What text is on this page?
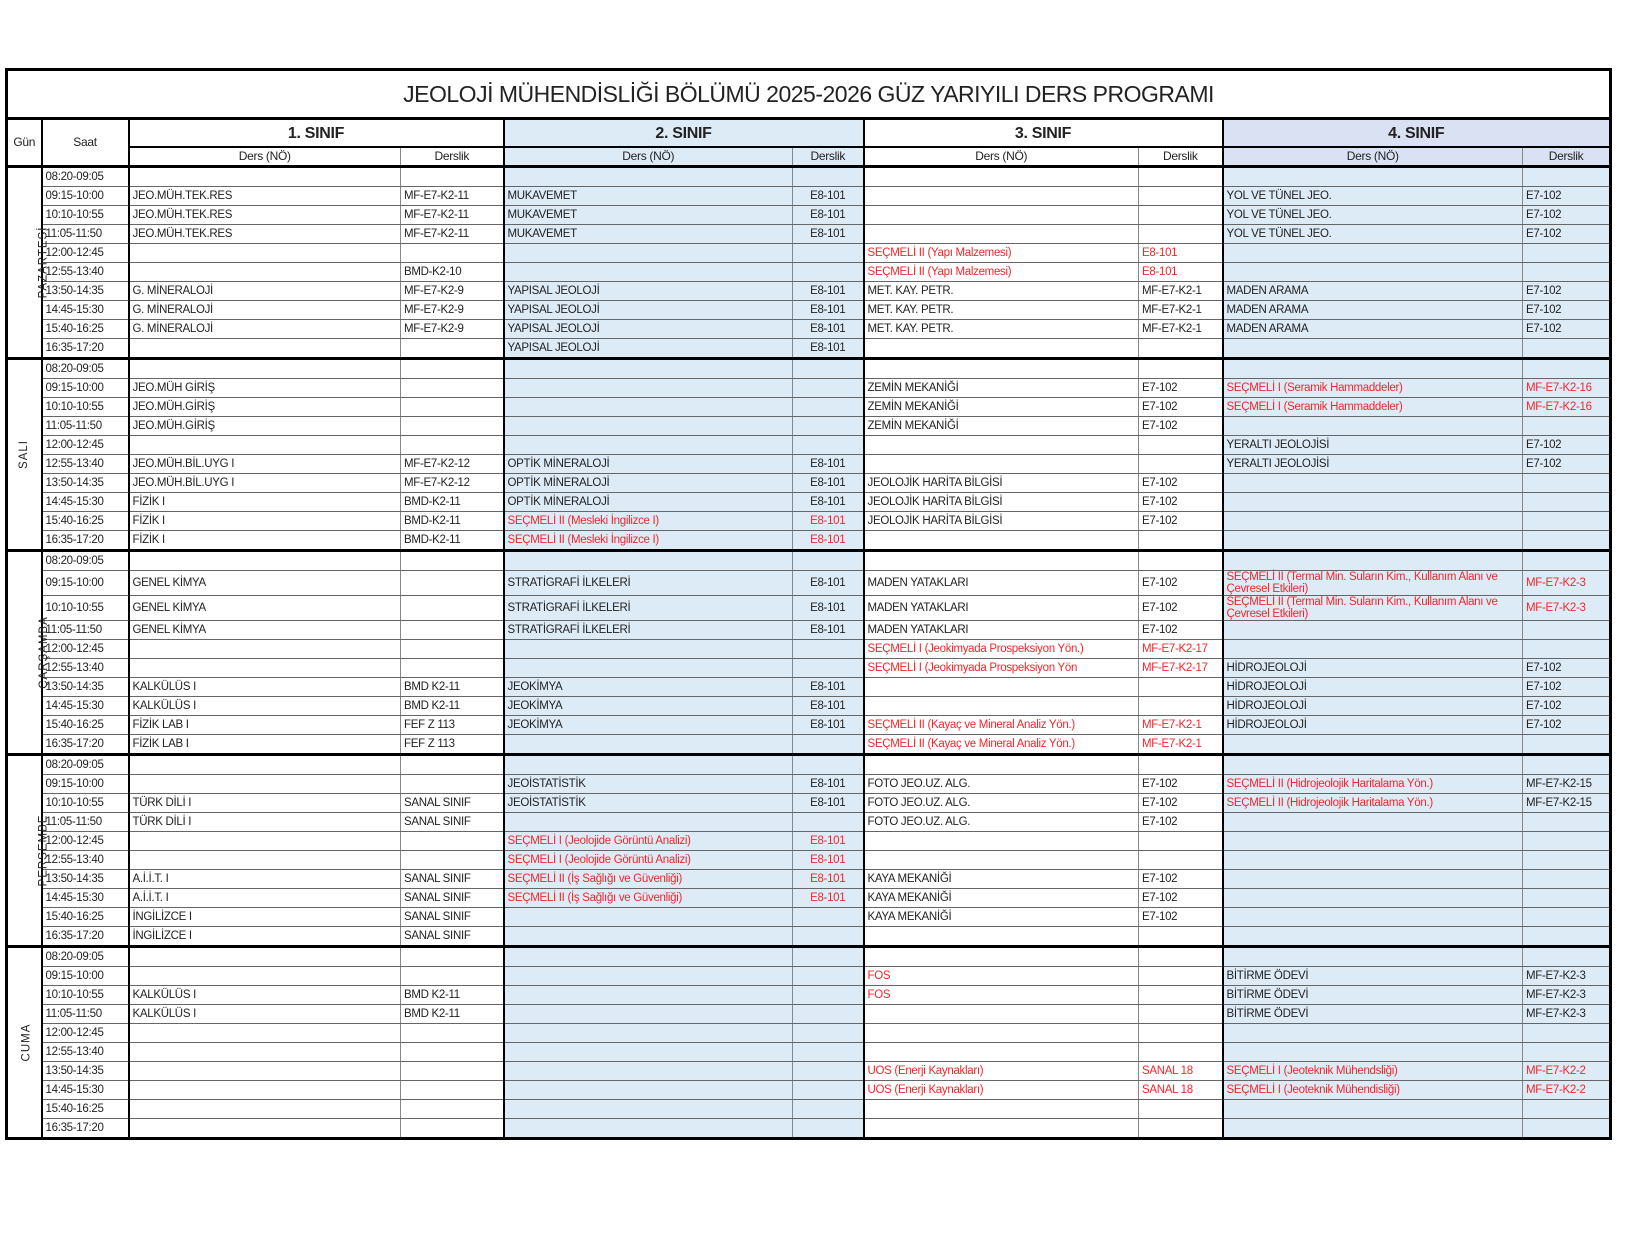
JEOLOJİ MÜHENDİSLİĞİ BÖLÜMÜ 2025-2026 GÜZ YARIYILI DERS PROGRAMI									
Gün	Saat	1. SINIF		2. SINIF		3. SINIF		4. SINIF	
		Ders (NÖ)	Derslik	Ders (NÖ)	Derslik	Ders (NÖ)	Derslik	Ders (NÖ)	Derslik
PAZARTESİ	08:20-09:05								
	09:15-10:00	JEO.MÜH.TEK.RES	MF-E7-K2-11	MUKAVEMET	E8-101			YOL VE TÜNEL JEO.	E7-102
	10:10-10:55	JEO.MÜH.TEK.RES	MF-E7-K2-11	MUKAVEMET	E8-101			YOL VE TÜNEL JEO.	E7-102
	11:05-11:50	JEO.MÜH.TEK.RES	MF-E7-K2-11	MUKAVEMET	E8-101			YOL VE TÜNEL JEO.	E7-102
	12:00-12:45					SEÇMELİ II (Yapı Malzemesi)	E8-101		
	12:55-13:40		BMD-K2-10			SEÇMELİ II (Yapı Malzemesi)	E8-101		
	13:50-14:35	G. MİNERALOJİ	MF-E7-K2-9	YAPISAL JEOLOJİ	E8-101	MET. KAY. PETR.	MF-E7-K2-1	MADEN ARAMA	E7-102
	14:45-15:30	G. MİNERALOJİ	MF-E7-K2-9	YAPISAL JEOLOJİ	E8-101	MET. KAY. PETR.	MF-E7-K2-1	MADEN ARAMA	E7-102
	15:40-16:25	G. MİNERALOJİ	MF-E7-K2-9	YAPISAL JEOLOJİ	E8-101	MET. KAY. PETR.	MF-E7-K2-1	MADEN ARAMA	E7-102
	16:35-17:20			YAPISAL JEOLOJİ	E8-101				
SALI	08:20-09:05								
	09:15-10:00	JEO.MÜH GİRİŞ				ZEMİN MEKANİĞİ	E7-102	SEÇMELİ I (Seramik Hammaddeler)	MF-E7-K2-16
	10:10-10:55	JEO.MÜH.GİRİŞ				ZEMİN MEKANİĞİ	E7-102	SEÇMELİ I (Seramik Hammaddeler)	MF-E7-K2-16
	11:05-11:50	JEO.MÜH.GİRİŞ				ZEMİN MEKANİĞİ	E7-102		
	12:00-12:45							YERALTI JEOLOJİSİ	E7-102
	12:55-13:40	JEO.MÜH.BİL.UYG I	MF-E7-K2-12	OPTİK MİNERALOJİ	E8-101			YERALTI JEOLOJİSİ	E7-102
	13:50-14:35	JEO.MÜH.BİL.UYG I	MF-E7-K2-12	OPTİK MİNERALOJİ	E8-101	JEOLOJİK HARİTA BİLGİSİ	E7-102		
	14:45-15:30	FİZİK I	BMD-K2-11	OPTİK MİNERALOJİ	E8-101	JEOLOJİK HARİTA BİLGİSİ	E7-102		
	15:40-16:25	FİZİK I	BMD-K2-11	SEÇMELİ II (Mesleki İngilizce I)	E8-101	JEOLOJİK HARİTA BİLGİSİ	E7-102		
	16:35-17:20	FİZİK I	BMD-K2-11	SEÇMELİ II (Mesleki İngilizce I)	E8-101				
ÇARŞAMBA	08:20-09:05								
	09:15-10:00	GENEL KİMYA		STRATİGRAFİ İLKELERİ	E8-101	MADEN YATAKLARI	E7-102	SEÇMELİ II (Termal Min. Suların Kim., Kullanım Alanı ve Çevresel Etkileri)	MF-E7-K2-3
	10:10-10:55	GENEL KİMYA		STRATİGRAFİ İLKELERİ	E8-101	MADEN YATAKLARI	E7-102	SEÇMELİ II (Termal Min. Suların Kim., Kullanım Alanı ve Çevresel Etkileri)	MF-E7-K2-3
	11:05-11:50	GENEL KİMYA		STRATİGRAFİ İLKELERİ	E8-101	MADEN YATAKLARI	E7-102		
	12:00-12:45					SEÇMELİ I (Jeokimyada Prospeksiyon Yön.)	MF-E7-K2-17		
	12:55-13:40					SEÇMELİ I (Jeokimyada Prospeksiyon Yön	MF-E7-K2-17	HİDROJEOLOJİ	E7-102
	13:50-14:35	KALKÜLÜS I	BMD K2-11	JEOKİMYA	E8-101			HİDROJEOLOJİ	E7-102
	14:45-15:30	KALKÜLÜS I	BMD K2-11	JEOKİMYA	E8-101			HİDROJEOLOJİ	E7-102
	15:40-16:25	FİZİK LAB I	FEF Z 113	JEOKİMYA	E8-101	SEÇMELİ II (Kayaç ve Mineral Analiz Yön.)	MF-E7-K2-1	HİDROJEOLOJİ	E7-102
	16:35-17:20	FİZİK LAB I	FEF Z 113			SEÇMELİ II (Kayaç ve Mineral Analiz Yön.)	MF-E7-K2-1		
PERŞEMBE	08:20-09:05								
	09:15-10:00			JEOİSTATİSTİK	E8-101	FOTO JEO.UZ. ALG.	E7-102	SEÇMELİ II (Hidrojeolojik Haritalama Yön.)	MF-E7-K2-15
	10:10-10:55	TÜRK DİLİ I	SANAL SINIF	JEOİSTATİSTİK	E8-101	FOTO JEO.UZ. ALG.	E7-102	SEÇMELİ II (Hidrojeolojik Haritalama Yön.)	MF-E7-K2-15
	11:05-11:50	TÜRK DİLİ I	SANAL SINIF			FOTO JEO.UZ. ALG.	E7-102		
	12:00-12:45			SEÇMELİ I (Jeolojide Görüntü Analizi)	E8-101				
	12:55-13:40			SEÇMELİ I (Jeolojide Görüntü Analizi)	E8-101				
	13:50-14:35	A.İ.İ.T. I	SANAL SINIF	SEÇMELİ II (İş Sağlığı ve Güvenliği)	E8-101	KAYA MEKANİĞİ	E7-102		
	14:45-15:30	A.İ.İ.T. I	SANAL SINIF	SEÇMELİ II (İş Sağlığı ve Güvenliği)	E8-101	KAYA MEKANİĞİ	E7-102		
	15:40-16:25	İNGİLİZCE I	SANAL SINIF			KAYA MEKANİĞİ	E7-102		
	16:35-17:20	İNGİLİZCE I	SANAL SINIF						
CUMA	08:20-09:05								
	09:15-10:00					FOS		BİTİRME ÖDEVİ	MF-E7-K2-3
	10:10-10:55	KALKÜLÜS I	BMD K2-11			FOS		BİTİRME ÖDEVİ	MF-E7-K2-3
	11:05-11:50	KALKÜLÜS I	BMD K2-11					BİTİRME ÖDEVİ	MF-E7-K2-3
	12:00-12:45								
	12:55-13:40								
	13:50-14:35					UOS (Enerji Kaynakları)	SANAL 18	SEÇMELİ I (Jeoteknik Mühendsliği)	MF-E7-K2-2
	14:45-15:30					UOS (Enerji Kaynakları)	SANAL 18	SEÇMELİ I (Jeoteknik Mühendisliği)	MF-E7-K2-2
	15:40-16:25								
	16:35-17:20								
